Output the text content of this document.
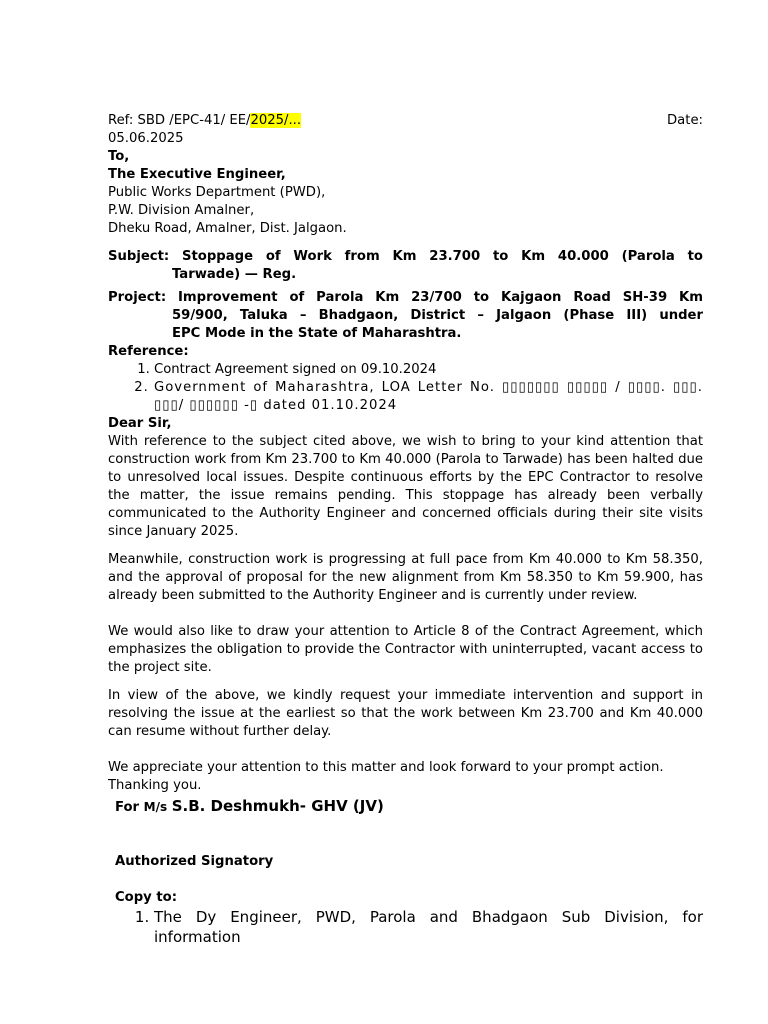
Ref: SBD /EPC-41/ EE/2025/...	Date:
05.06.2025
To,
The Executive Engineer,
Public Works Department (PWD),
P.W. Division Amalner,
Dheku Road, Amalner, Dist. Jalgaon.
Subject: Stoppage of Work from Km 23.700 to Km 40.000 (Parola to
Tarwade) — Reg.
Project: Improvement of Parola Km 23/700 to Kajgaon Road SH-39 Km
59/900, Taluka – Bhadgaon, District – Jalgaon (Phase III) under
EPC Mode in the State of Maharashtra.
Reference:
1. Contract Agreement signed on 09.10.2024
2. Government of Maharashtra, LOA Letter No. ▯▯▯▯▯▯▯ ▯▯▯▯▯ / ▯▯▯▯. ▯▯▯. ▯▯▯/ ▯▯▯▯▯▯ -▯ dated 01.10.2024
Dear Sir,

With reference to the subject cited above, we wish to bring to your kind attention that construction work from Km 23.700 to Km 40.000 (Parola to Tarwade) has been halted due to unresolved local issues. Despite continuous efforts by the EPC Contractor to resolve the matter, the issue remains pending. This stoppage has already been verbally communicated to the Authority Engineer and concerned officials during their site visits since January 2025.

Meanwhile, construction work is progressing at full pace from Km 40.000 to Km 58.350, and the approval of proposal for the new alignment from Km 58.350 to Km 59.900, has already been submitted to the Authority Engineer and is currently under review.

We would also like to draw your attention to Article 8 of the Contract Agreement, which emphasizes the obligation to provide the Contractor with uninterrupted, vacant access to the project site.

In view of the above, we kindly request your immediate intervention and support in resolving the issue at the earliest so that the work between Km 23.700 and Km 40.000 can resume without further delay.

We appreciate your attention to this matter and look forward to your prompt action.

Thanking you.
For M/s S.B. Deshmukh- GHV (JV)
Authorized Signatory
Copy to:
1. The Dy Engineer, PWD, Parola and Bhadgaon Sub Division, for information
